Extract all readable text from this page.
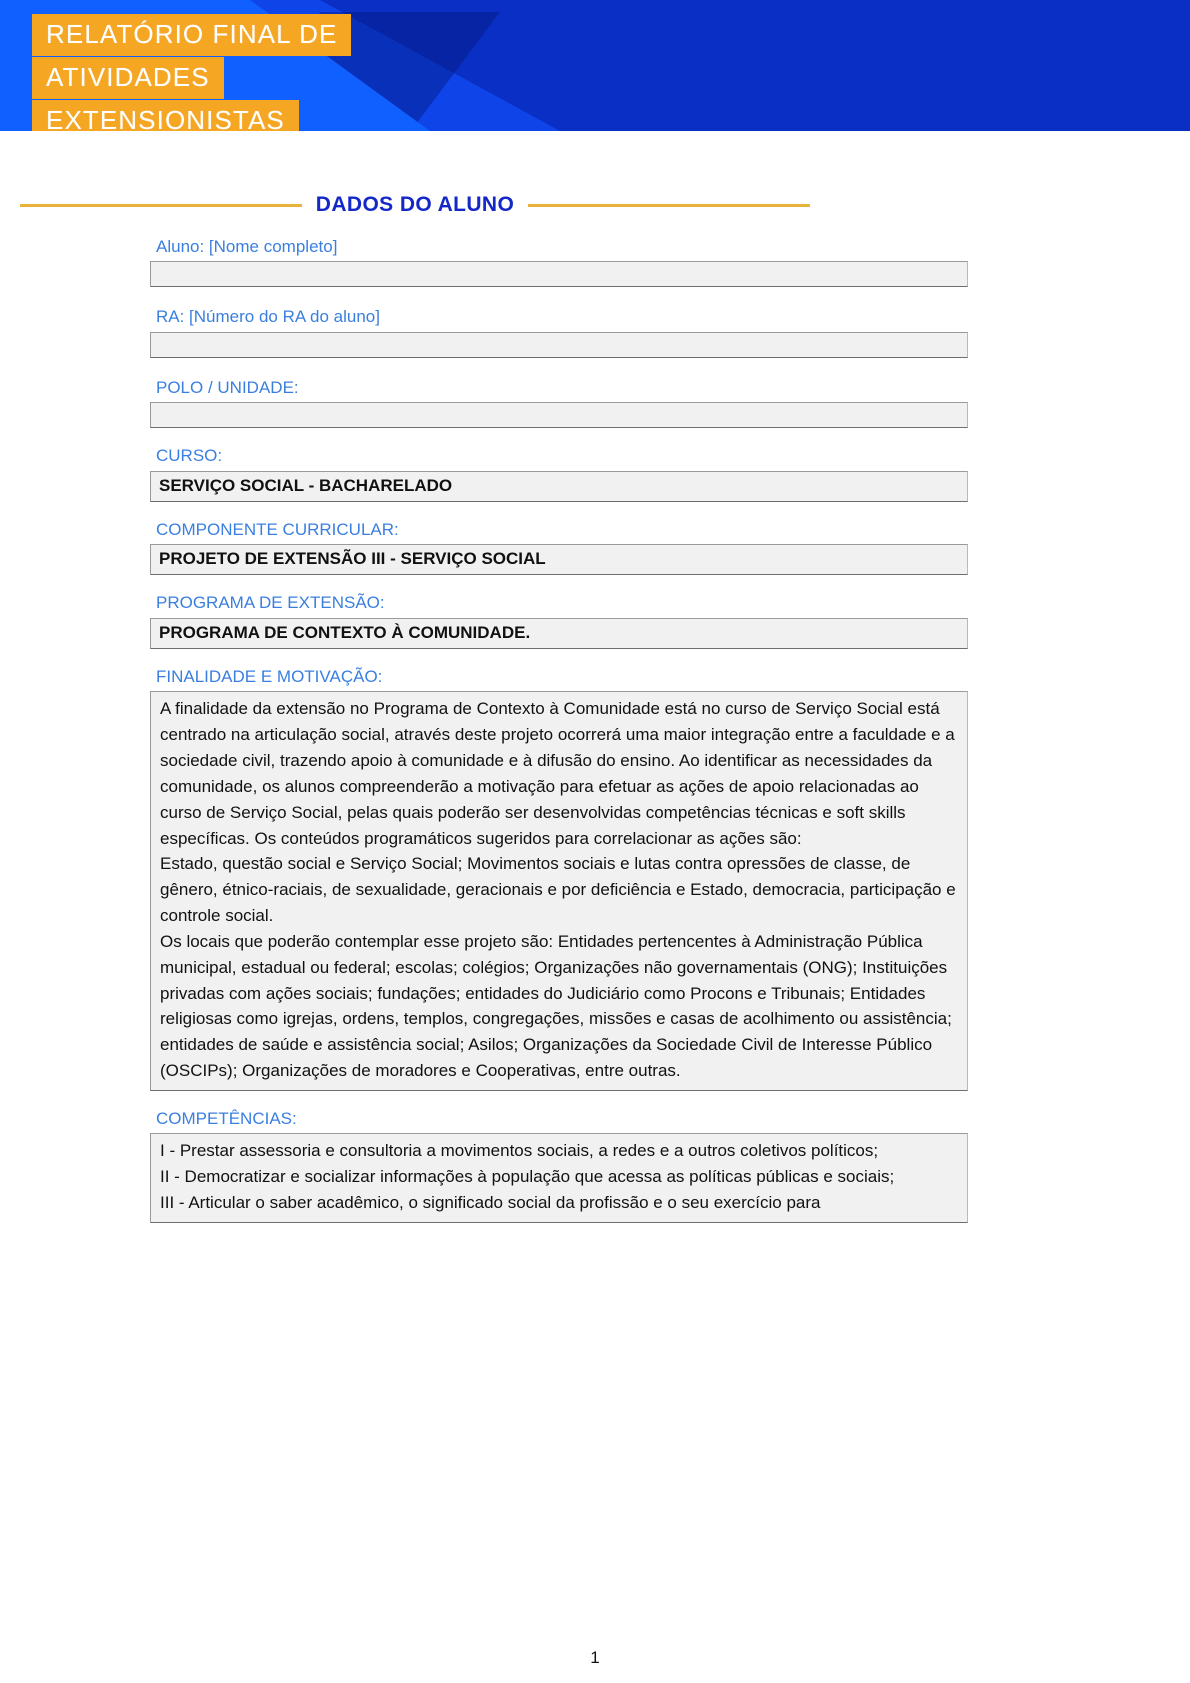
RELATÓRIO FINAL DE
ATIVIDADES
EXTENSIONISTAS
DADOS DO ALUNO
Aluno: [Nome completo]
RA: [Número do RA do aluno]
POLO / UNIDADE:
CURSO:
SERVIÇO SOCIAL - BACHARELADO
COMPONENTE CURRICULAR:
PROJETO DE EXTENSÃO III - SERVIÇO SOCIAL
PROGRAMA DE EXTENSÃO:
PROGRAMA DE CONTEXTO À COMUNIDADE.
FINALIDADE E MOTIVAÇÃO:

A finalidade da extensão no Programa de Contexto à Comunidade está no curso de Serviço Social está centrado na articulação social, através deste projeto ocorrerá uma maior integração entre a faculdade e a sociedade civil, trazendo apoio à comunidade e à difusão do ensino. Ao identificar as necessidades da comunidade, os alunos compreenderão a motivação para efetuar as ações de apoio relacionadas ao curso de Serviço Social, pelas quais poderão ser desenvolvidas competências técnicas e soft skills específicas. Os conteúdos programáticos sugeridos para correlacionar as ações são:

Estado, questão social e Serviço Social; Movimentos sociais e lutas contra opressões de classe, de gênero, étnico-raciais, de sexualidade, geracionais e por deficiência e Estado, democracia, participação e controle social.

Os locais que poderão contemplar esse projeto são: Entidades pertencentes à Administração Pública municipal, estadual ou federal; escolas; colégios; Organizações não governamentais (ONG); Instituições privadas com ações sociais; fundações; entidades do Judiciário como Procons e Tribunais; Entidades religiosas como igrejas, ordens, templos, congregações, missões e casas de acolhimento ou assistência; entidades de saúde e assistência social; Asilos; Organizações da Sociedade Civil de Interesse Público (OSCIPs); Organizações de moradores e Cooperativas, entre outras.

COMPETÊNCIAS:

I - Prestar assessoria e consultoria a movimentos sociais, a redes e a outros coletivos políticos;

II - Democratizar e socializar informações à população que acessa as políticas públicas e sociais;

III - Articular o saber acadêmico, o significado social da profissão e o seu exercício para

1
